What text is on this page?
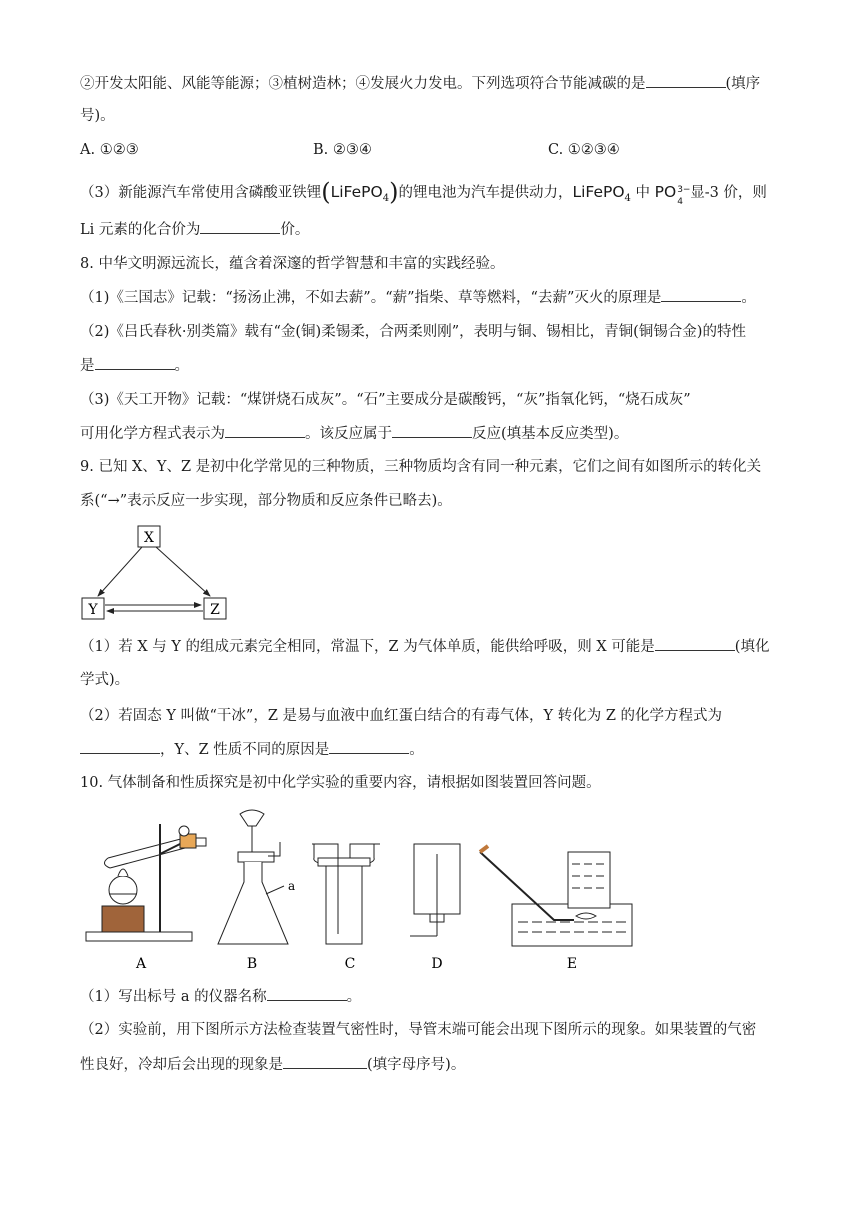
②开发太阳能、风能等能源；③植树造林；④发展火力发电。下列选项符合节能减碳的是	(填序
号)。
A. ①②③	B. ②③④	C. ①②③④
（3）新能源汽车常使用含磷酸亚铁锂(LiFePO$_4$)的锂电池为汽车提供动力，LiFePO$_4$ 中 PO 3−
4
显-3 价，则
Li 元素的化合价为	价。
8. 中华文明源远流长，蕴含着深邃的哲学智慧和丰富的实践经验。
（1)《三国志》记载：“扬汤止沸，不如去薪”。“薪”指柴、草等燃料，“去薪”灭火的原理是	。
（2)《吕氏春秋·别类篇》载有“金(铜)柔锡柔，合两柔则刚”，表明与铜、锡相比，青铜(铜锡合金)的特性
是	。
（3)《天工开物》记载：“煤饼烧石成灰”。“石”主要成分是碳酸钙，“灰”指氧化钙，“烧石成灰”
可用化学方程式表示为	。该反应属于	反应(填基本反应类型)。
9. 已知 X、Y、Z 是初中化学常见的三种物质，三种物质均含有同一种元素，它们之间有如图所示的转化关
系(“→”表示反应一步实现，部分物质和反应条件已略去)。
X
Y	Z
（1）若 X 与 Y 的组成元素完全相同，常温下，Z 为气体单质，能供给呼吸，则 X 可能是	(填化
学式)。
（2）若固态 Y 叫做“干冰”，Z 是易与血液中血红蛋白结合的有毒气体，Y 转化为 Z 的化学方程式为
，Y、Z 性质不同的原因是	。
10. 气体制备和性质探究是初中化学实验的重要内容，请根据如图装置回答问题。
A
a
B	C	D	E
（1）写出标号 a 的仪器名称	。
（2）实验前，用下图所示方法检查装置气密性时，导管末端可能会出现下图所示的现象。如果装置的气密
性良好，冷却后会出现的现象是	(填字母序号)。
